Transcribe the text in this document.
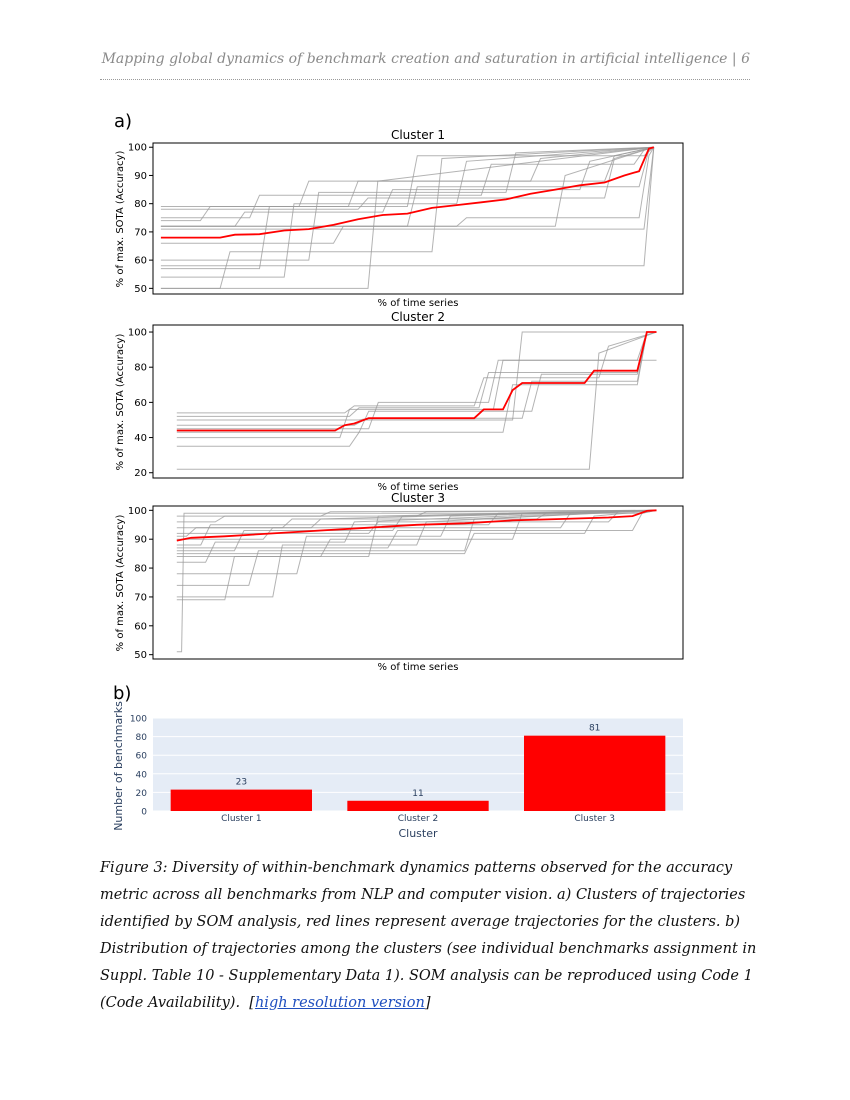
Mapping global dynamics of benchmark creation and saturation in artificial intelligence | 6
a)
b)
Cluster 1
50
60
70
80
90
100
% of time series
% of max. SOTA (Accuracy)
Cluster 2
20
40
60
80
100
% of time series
% of max. SOTA (Accuracy)
Cluster 3
50
60
70
80
90
100
% of time series
% of max. SOTA (Accuracy)
0
20
40
60
80
100
23
Cluster 1
11
Cluster 2
81
Cluster 3
Cluster
Number of benchmarks
Figure 3: Diversity of within-benchmark dynamics patterns observed for the accuracy metric across all benchmarks from NLP and computer vision. a) Clusters of trajectories identified by SOM analysis, red lines represent average trajectories for the clusters. b) Distribution of trajectories among the clusters (see individual benchmarks assignment in Suppl. Table 10 - Supplementary Data 1). SOM analysis can be reproduced using Code 1 (Code Availability). [high resolution version]
